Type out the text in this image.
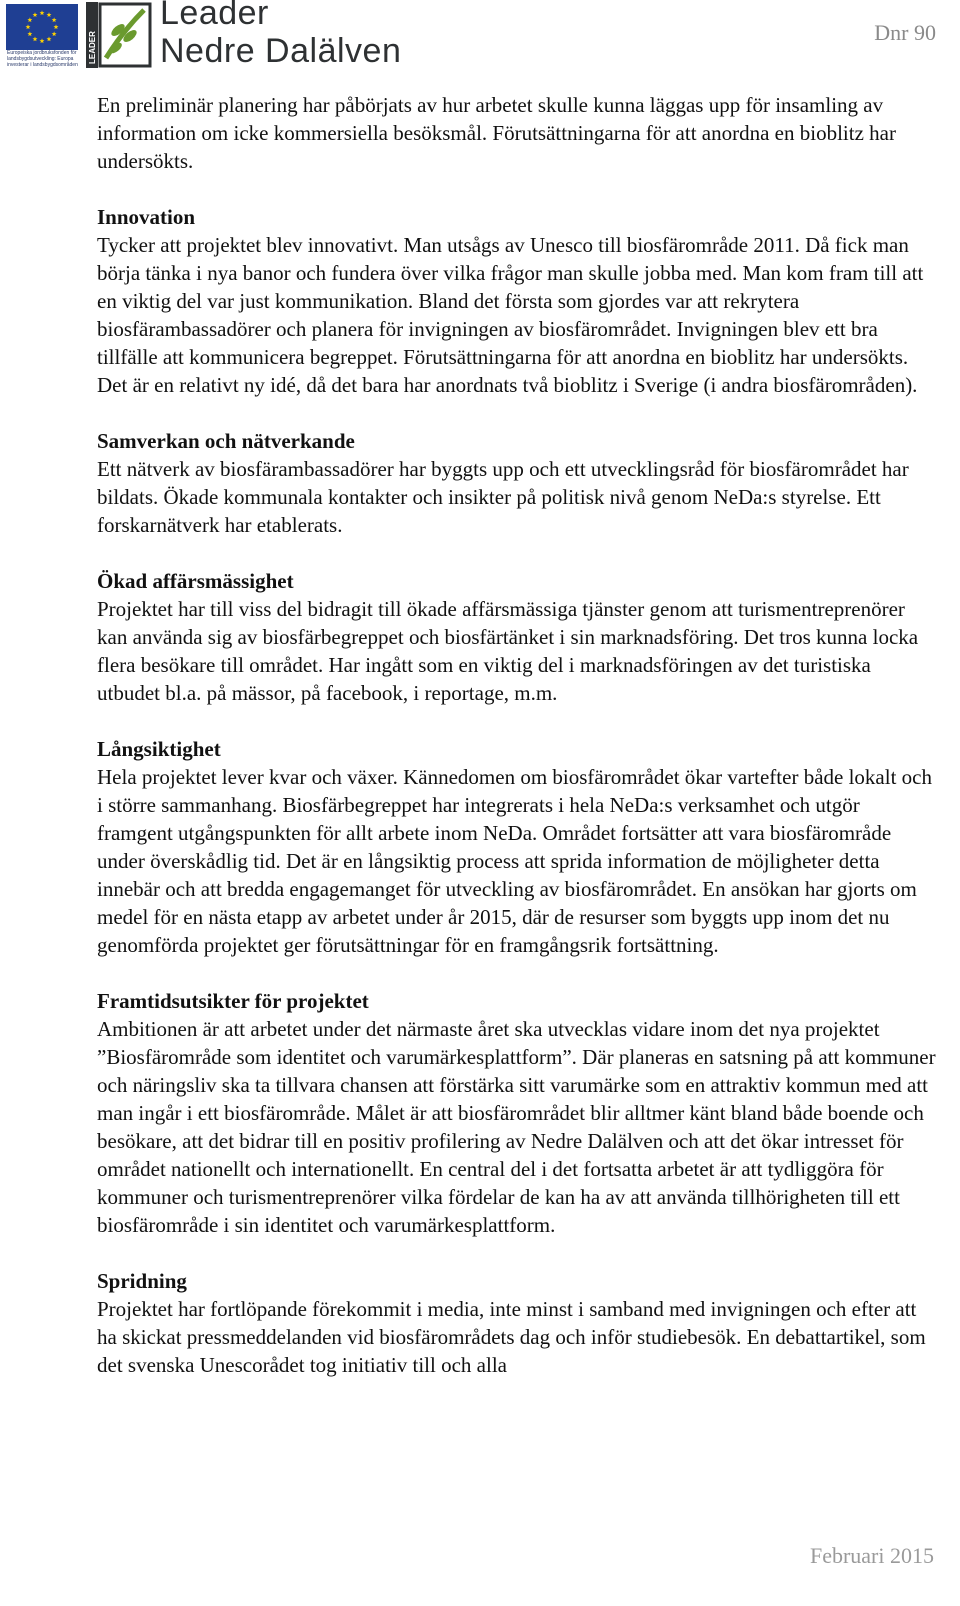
Europeiska jordbruksfonden för landsbygdsutveckling: Europa investerar i landsbygdsområden
LEADER
Leader
Nedre Dalälven	Dnr 90

En preliminär planering har påbörjats av hur arbetet skulle kunna läggas upp för insamling av information om icke kommersiella besöksmål. Förutsättningarna för att anordna en bioblitz har undersökts.

Innovation

Tycker att projektet blev innovativt. Man utsågs av Unesco till biosfärområde 2011. Då fick man börja tänka i nya banor och fundera över vilka frågor man skulle jobba med. Man kom fram till att en viktig del var just kommunikation. Bland det första som gjordes var att rekrytera biosfärambassadörer och planera för invigningen av biosfärområdet. Invigningen blev ett bra tillfälle att kommunicera begreppet. Förutsättningarna för att anordna en bioblitz har undersökts. Det är en relativt ny idé, då det bara har anordnats två bioblitz i Sverige (i andra biosfärområden).

Samverkan och nätverkande

Ett nätverk av biosfärambassadörer har byggts upp och ett utvecklingsråd för biosfärområdet har bildats. Ökade kommunala kontakter och insikter på politisk nivå genom NeDa:s styrelse. Ett forskarnätverk har etablerats.

Ökad affärsmässighet

Projektet har till viss del bidragit till ökade affärsmässiga tjänster genom att turismentreprenörer kan använda sig av biosfärbegreppet och biosfärtänket i sin marknadsföring. Det tros kunna locka flera besökare till området. Har ingått som en viktig del i marknadsföringen av det turistiska utbudet bl.a. på mässor, på facebook, i reportage, m.m.

Långsiktighet

Hela projektet lever kvar och växer. Kännedomen om biosfärområdet ökar vartefter både lokalt och i större sammanhang. Biosfärbegreppet har integrerats i hela NeDa:s verksamhet och utgör framgent utgångspunkten för allt arbete inom NeDa. Området fortsätter att vara biosfärområde under överskådlig tid. Det är en långsiktig process att sprida information de möjligheter detta innebär och att bredda engagemanget för utveckling av biosfärområdet. En ansökan har gjorts om medel för en nästa etapp av arbetet under år 2015, där de resurser som byggts upp inom det nu genomförda projektet ger förutsättningar för en framgångsrik fortsättning.

Framtidsutsikter för projektet

Ambitionen är att arbetet under det närmaste året ska utvecklas vidare inom det nya projektet ”Biosfärområde som identitet och varumärkesplattform”. Där planeras en satsning på att kommuner och näringsliv ska ta tillvara chansen att förstärka sitt varumärke som en attraktiv kommun med att man ingår i ett biosfärområde. Målet är att biosfärområdet blir alltmer känt bland både boende och besökare, att det bidrar till en positiv profilering av Nedre Dalälven och att det ökar intresset för området nationellt och internationellt. En central del i det fortsatta arbetet är att tydliggöra för kommuner och turismentreprenörer vilka fördelar de kan ha av att använda tillhörigheten till ett biosfärområde i sin identitet och varumärkesplattform.

Spridning

Projektet har fortlöpande förekommit i media, inte minst i samband med invigningen och efter att ha skickat pressmeddelanden vid biosfärområdets dag och inför studiebesök. En debattartikel, som det svenska Unescorådet tog initiativ till och alla

Februari 2015
